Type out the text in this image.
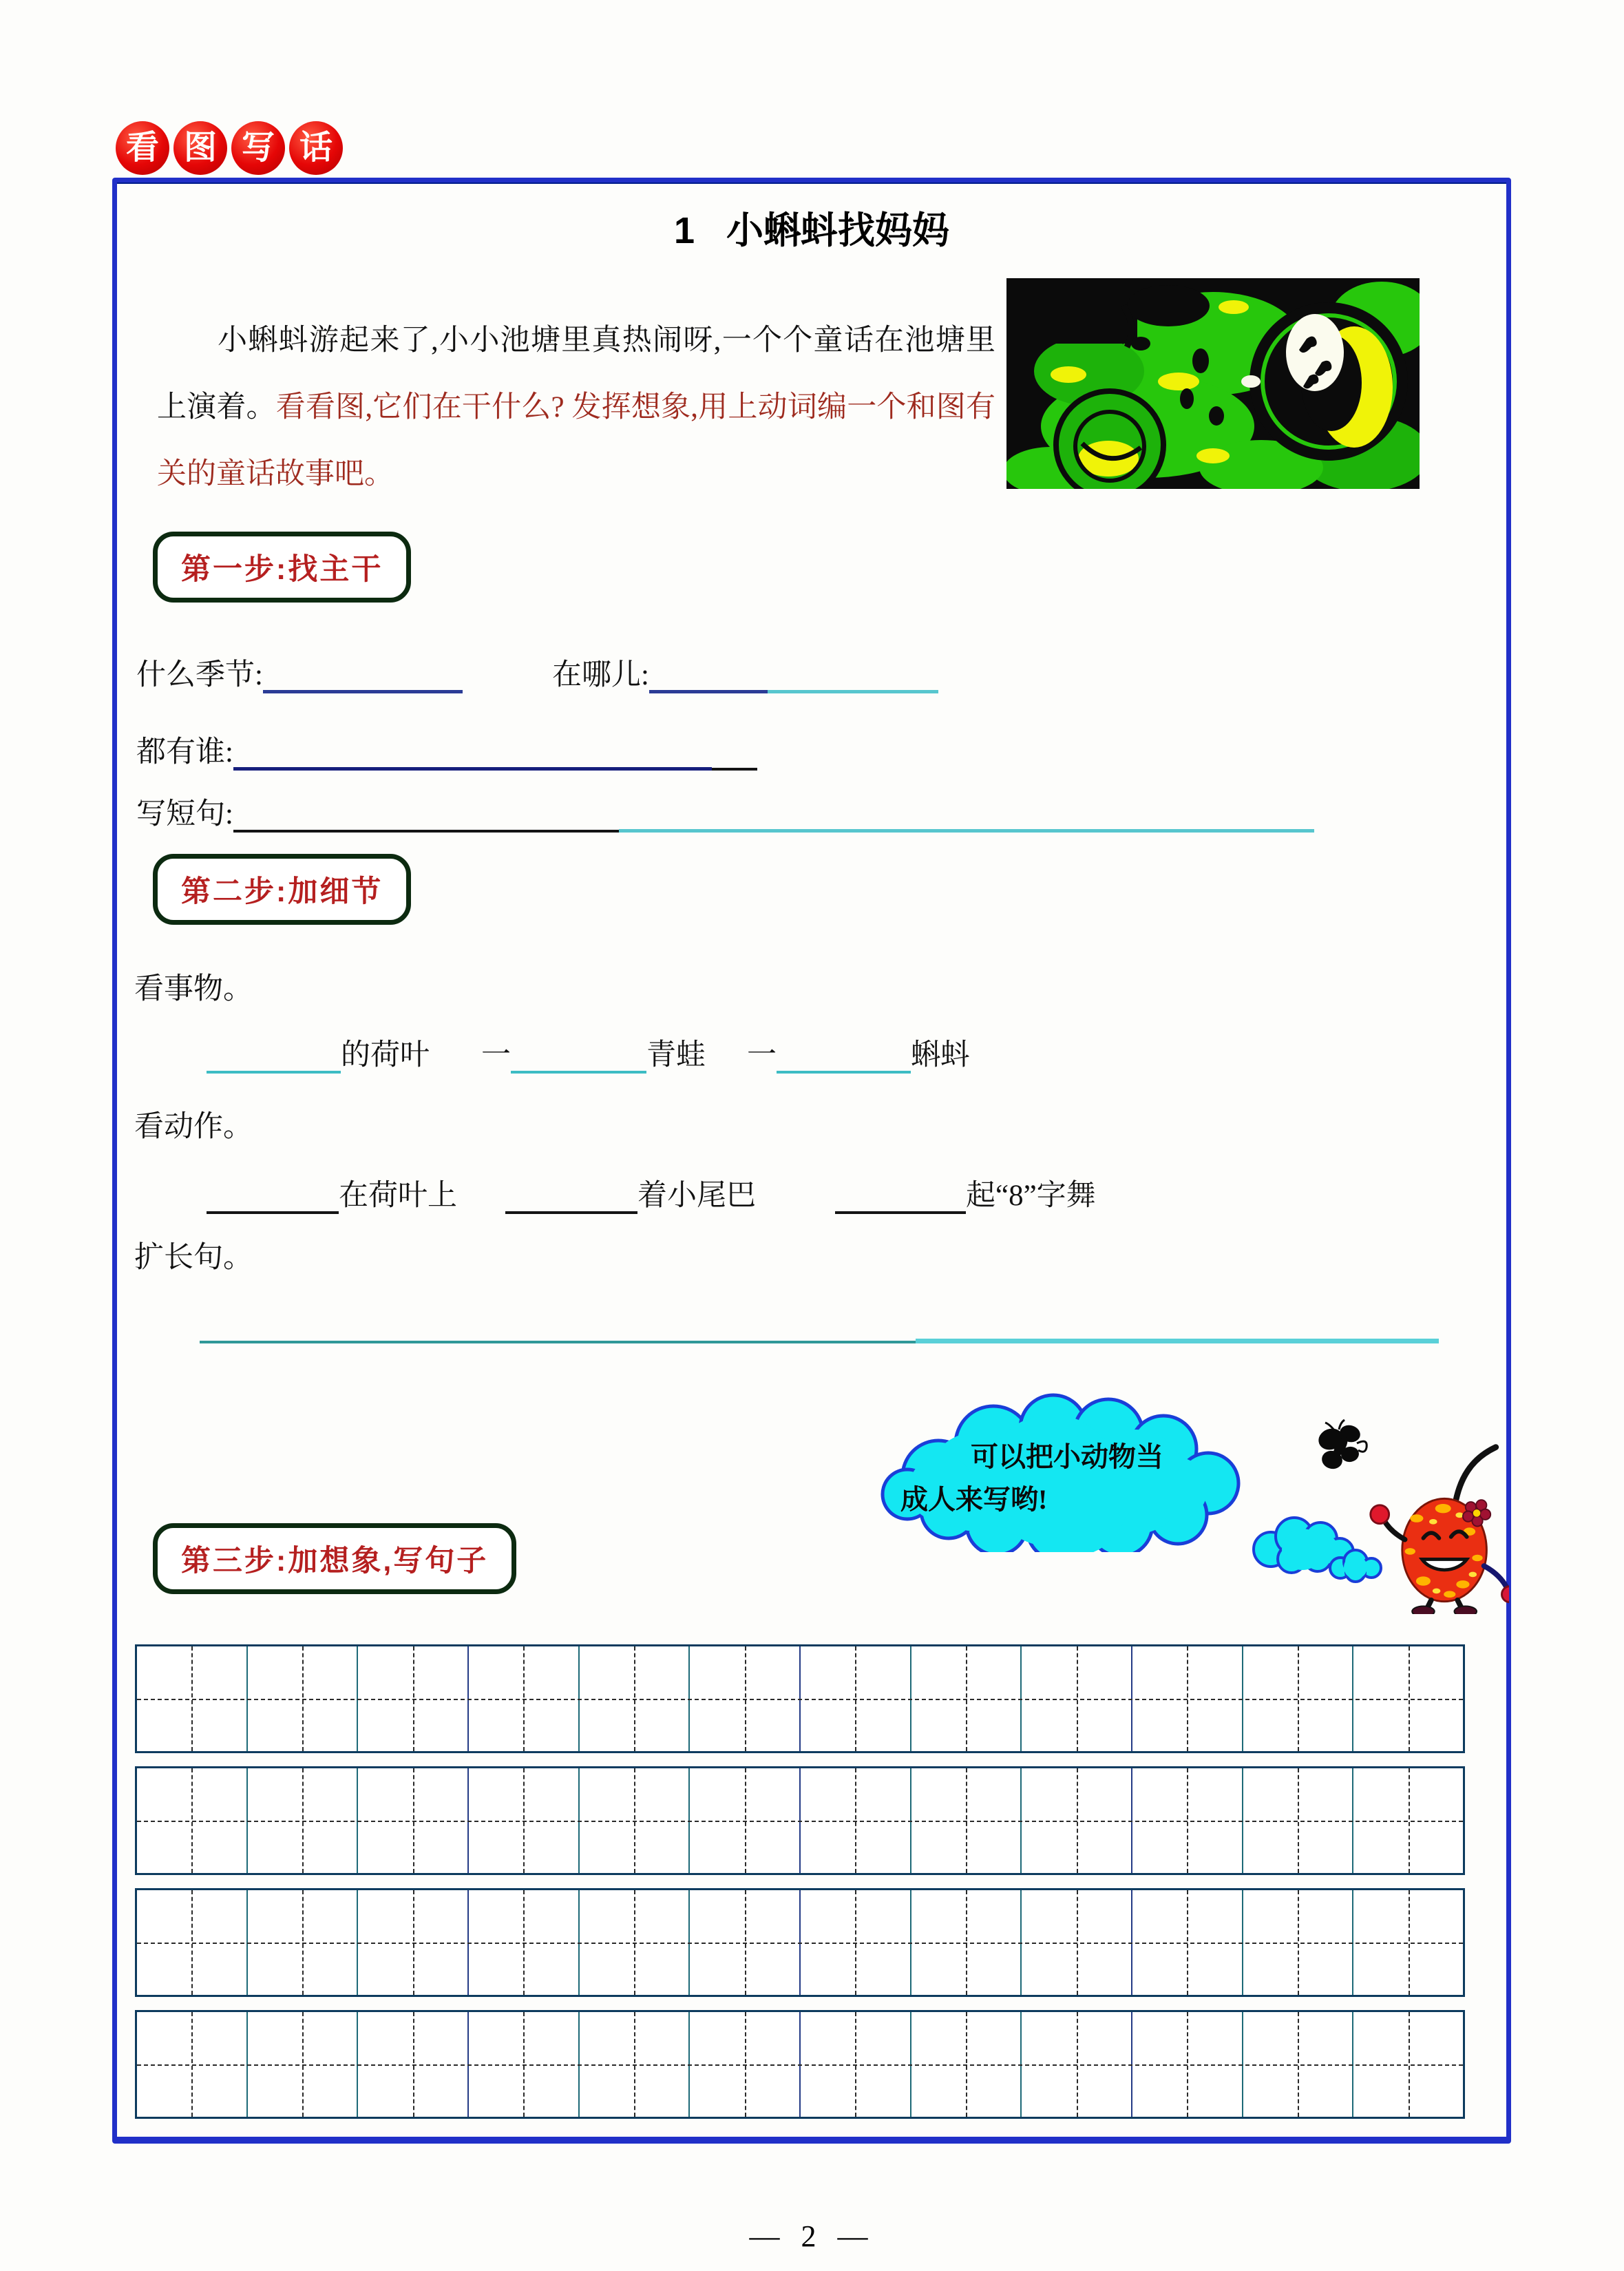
看 图 写 话
1 小蝌蚪找妈妈
小蝌蚪游起来了,小小池塘里真热闹呀,一个个童话在池塘里上演着。看看图,它们在干什么? 发挥想象,用上动词编一个和图有关的童话故事吧。
第一步:找主干
什么季节:	在哪儿:
都有谁:
写短句:
第二步:加细节
看事物。
的荷叶 一	青蛙 一	蝌蚪
看动作。
在荷叶上	着小尾巴	起“8”字舞
扩长句。
可以把小动物当
成人来写哟!
第三步:加想象,写句子
— 2 —
